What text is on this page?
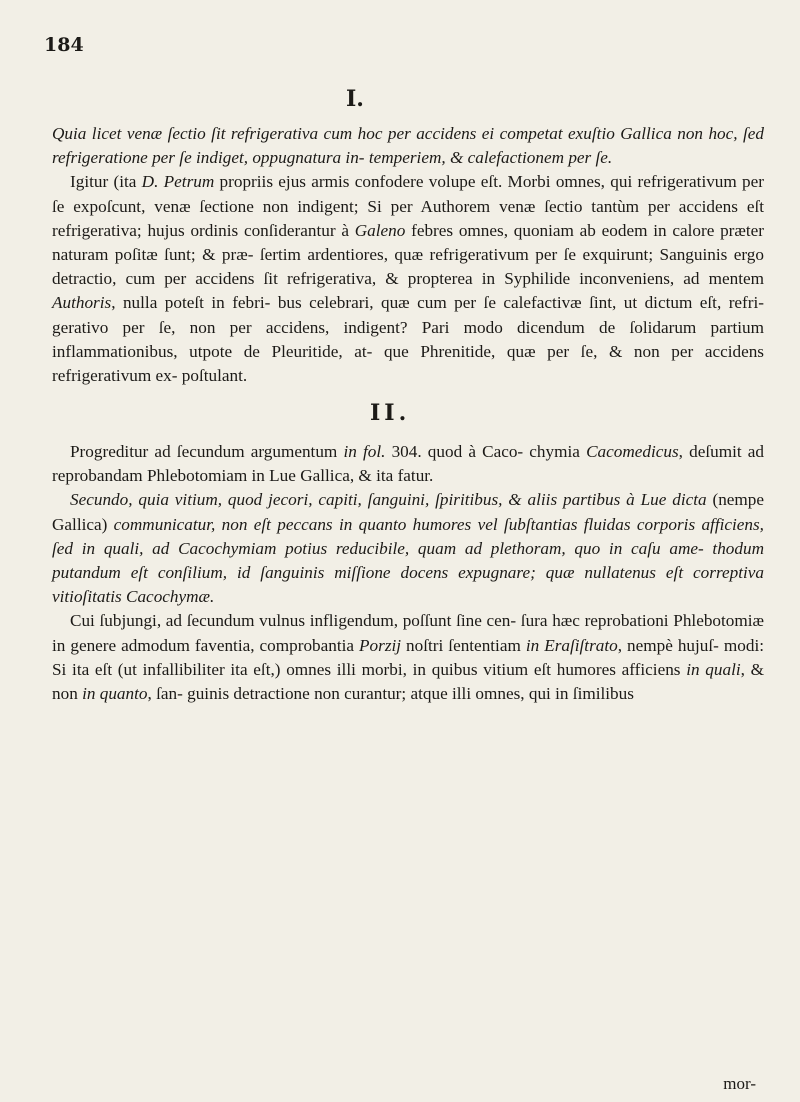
184
I.

Quia licet venæ ſectio ſit refrigerativa cum hoc per accidens ei competat exuſtio Gallica non hoc, ſed refrigeratione per ſe indiget, oppugnatura in- temperiem, & calefactionem per ſe.

Igitur (ita D. Petrum propriis ejus armis confodere volupe eſt. Morbi omnes, qui refrigerativum per ſe expoſcunt, venæ ſectione non indigent; Si per Authorem venæ ſectio tantùm per accidens eſt refrigerativa; hujus ordinis conſiderantur à Galeno febres omnes, quoniam ab eodem in calore præter naturam poſitæ ſunt; & præ- ſertim ardentiores, quæ refrigerativum per ſe exquirunt; Sanguinis ergo detractio, cum per accidens ſit refrigerativa, & propterea in Syphilide inconveniens, ad mentem Authoris, nulla poteſt in febri- bus celebrari, quæ cum per ſe calefactivæ ſint, ut dictum eſt, refri- gerativo per ſe, non per accidens, indigent? Pari modo dicendum de ſolidarum partium inflammationibus, utpote de Pleuritide, at- que Phrenitide, quæ per ſe, & non per accidens refrigerativum ex- poſtulant.

II.

Progreditur ad ſecundum argumentum in fol. 304. quod à Caco- chymia Cacomedicus, deſumit ad reprobandam Phlebotomiam in Lue Gallica, & ita fatur.

Secundo, quia vitium, quod jecori, capiti, ſanguini, ſpiritibus, & aliis partibus à Lue dicta (nempe Gallica) communicatur, non eſt peccans in quanto humores vel ſubſtantias fluidas corporis afficiens, ſed in quali, ad Cacochymiam potius reducibile, quam ad plethoram, quo in caſu ame- thodum putandum eſt conſilium, id ſanguinis miſſione docens expugnare; quæ nullatenus eſt correptiva vitioſitatis Cacochymæ.

Cui ſubjungi, ad ſecundum vulnus infligendum, poſſunt ſine cen- ſura hæc reprobationi Phlebotomiæ in genere admodum faventia, comprobantia Porzij noſtri ſententiam in Eraſiſtrato, nempè hujuſ- modi: Si ita eſt (ut infallibiliter ita eſt,) omnes illi morbi, in quibus vitium eſt humores afficiens in quali, & non in quanto, ſan- guinis detractione non curantur; atque illi omnes, qui in ſimilibus

mor-
